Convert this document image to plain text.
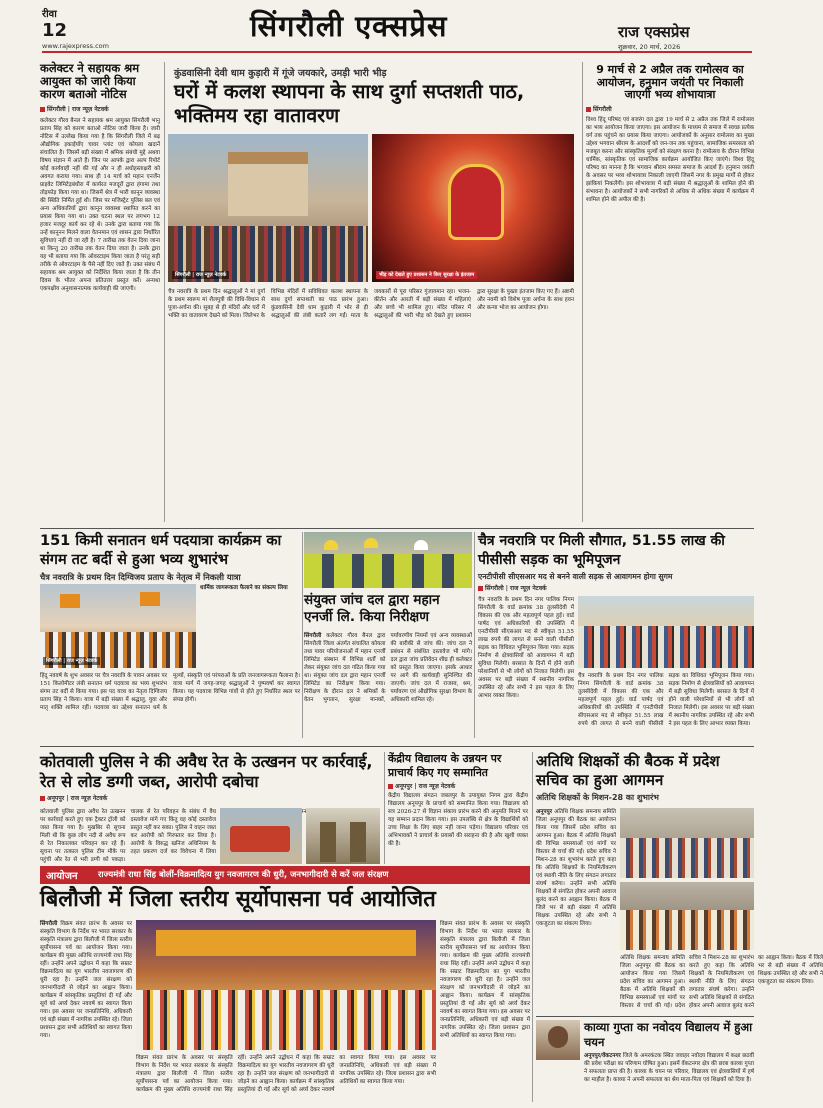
रीवा
12	सिंगरौली एक्सप्रेस	राज एक्सप्रेस
www.rajexpress.com	शुक्रवार, 20 मार्च, 2026
कलेक्टर ने सहायक श्रम आयुक्त को जारी किया कारण बताओ नोटिस
सिंगरौली | राज न्यूज़ नेटवर्क
कलेक्टर गौरव बैनल ने सहायक श्रम आयुक्त सिंगरौली भानु प्रताप सिंह को कारण बताओ नोटिस जारी किया है। जारी नोटिस में उल्लेख किया गया है कि सिंगरौली जिले में बढ़ औद्योगिक इकाईयाँए चावर प्लांट एवं कोयला खदानें संचालित है। जिसमें बड़ी संख्या में श्रमिक संबंधी मुद्दे अथवा विषय संज्ञान में आते हैं। जिन पर आपके द्वारा अल्प रिपोर्ट कोई कार्यवाही नहीं की गई और न ही अधोहस्ताक्षरी को अवगत कराया गया। साथ ही 14 मार्च को महान एनर्जेन प्राइवेट लिमिटेड़बंधौरा में कार्यरत मजदूरों द्वारा हंगामा तथा तोड़फोड़ किया गया था। जिसमें श्रेत्र में भारी कानून व्यवस्था की स्थिति निर्मित हुई थी। जिस पर मजिस्ट्रेट पुलिस बल एवं अन्य अधिकारियों द्वारा कानून व्यवस्था स्थापित करने का प्रयास किया गया था। उक्त घटना स्थल पर लगभग 12 हजार मजदूर कार्य कर रहे थे। उनके द्वारा बताया गया कि उन्हें कानूनन मिलने वाला वेतनमान एवं शासन द्वारा निर्धारित सुविधाएं नहीं दी जा रही है। 7 तारीख तक वेतन दिया जाना था किन्तु 20 तारीख तक वेतन दिया जाता है। उनके द्वारा यह भी बताया गया कि ओवरटाइम किया जाता है परंतु सही तरीके से ओवरटाइम के पैसे नहीं दिए जाते हैं। उक्त संबंध में सहायक श्रम आयुक्त को निर्देशित किया जाता है कि तीन दिवस के भीतर अपना प्रतिउत्तर प्रस्तुत करें। अन्यथा एकपक्षीय अनुशासनात्मक कार्यवाही की जाएगी।
कुंडवासिनी देवी धाम कुड़ारी में गूंजे जयकारे, उमड़ी भारी भीड़
घरों में कलश स्थापना के साथ दुर्गा सप्तशती पाठ, भक्तिमय रहा वातावरण
सिंगरौली | राज न्यूज़ नेटवर्क	भीड़ को देखते हुए प्रशासन ने किए सुरक्षा के इंतजाम
चैत्र नवरात्रि के प्रथम दिन श्रद्धालुओं ने मां दुर्गा के प्रथम स्वरूप मां शैलपुत्री की विधि-विधान से पूजा-अर्चना की। सुबह से ही मंदिरों और घरों में भक्ति का वातावरण देखने को मिला। जिलेभर के विभिन्न मंदिरों में सविधिवत कलश स्थापना के साथ दुर्गा सप्तशती का पाठ प्रारंभ हुआ। कुंडवासिनी देवी धाम कुड़ारी में भोर से ही श्रद्धालुओं की लंबी कतारें लग गईं। माता के जयकारों से पूरा परिसर गुंजायमान रहा। भजन-कीर्तन और आरती में बड़ी संख्या में महिलाएं और बच्चे भी शामिल हुए। मंदिर परिसर में श्रद्धालुओं की भारी भीड़ को देखते हुए प्रशासन द्वारा सुरक्षा के पुख्ता इंतजाम किए गए हैं। अष्टमी और नवमी को विशेष पूजा अर्चना के साथ हवन और कन्या भोज का आयोजन होगा।
9 मार्च से 2 अप्रैल तक रामोत्सव का आयोजन, हनुमान जयंती पर निकाली जाएगी भव्य शोभायात्रा
सिंगरौली
विश्व हिंदू परिषद एवं बजरंग दल द्वारा 19 मार्च से 2 अप्रैल तक जिले में रामोत्सव का भव्य आयोजन किया जाएगा। इस आयोजन के माध्यम से समाज में स्वच्छ प्रत्येक वर्ग तक पहुंचने का प्रयास किया जाएगा। आयोजकों के अनुसार रामोत्सव का मुख्य उद्देश्य भगवान श्रीराम के आदर्शों को जन-जन तक पहुंचाना, सामाजिक समरसता को मजबूत करना और सांस्कृतिक मूल्यों को संरक्षण करना है। रामोत्सव के दौरान विभिन्न धार्मिक, सांस्कृतिक एवं सामाजिक कार्यक्रम आयोजित किए जाएंगे। विश्व हिंदू परिषद का मानना है कि भगवान श्रीराम समस्त समाज के आदर्श हैं। हनुमान जयंती के अवसर पर भव्य शोभायात्रा निकाली जाएगी जिसमें नगर के प्रमुख मार्गों से होकर झांकियां निकलेंगी। इस शोभायात्रा में बड़ी संख्या में श्रद्धालुओं के शामिल होने की संभावना है। आयोजकों ने सभी नागरिकों से अधिक से अधिक संख्या में कार्यक्रम में शामिल होने की अपील की है।
151 किमी सनातन धर्म पदयात्रा कार्यक्रम का संगम तट बर्दी से हुआ भव्य शुभारंभ
चैत्र नवरात्रि के प्रथम दिन दिग्विजय प्रताप के नेतृत्व में निकली यात्रा
सिंगरौली | राज न्यूज़ नेटवर्क
धार्मिक जागरूकता फैलाने का संकल्प लिया
हिंदू नववर्ष के शुभ अवसर पर चैत्र नवरात्रि के पावन अवसर पर 151 किलोमीटर लंबी सनातन धर्म पदयात्रा का भव्य शुभारंभ संगम तट बर्दी से किया गया। इस पद यात्रा का नेतृत्व दिग्विजय प्रताप सिंह ने किया। यात्रा में बड़ी संख्या में श्रद्धालु, युवा और मातृ शक्ति शामिल रहीं। पदयात्रा का उद्देश्य सनातन धर्म के मूल्यों, संस्कृति एवं परंपराओं के प्रति जनजागरूकता फैलाना है। यात्रा मार्ग में जगह-जगह श्रद्धालुओं ने पुष्पवर्षा कर स्वागत किया। यह पदयात्रा विभिन्न गांवों से होते हुए निर्धारित स्थल पर संपन्न होगी।
संयुक्त जांच दल द्वारा महान एनर्जी लि. किया निरीक्षण
सिंगरौली कलेक्टर गौरव बैनल द्वारा सिंगरौली जिला अंतर्गत संचालित कोयला तथा पावर परियोजनाओं में महान एनर्जी लिमिटेड संस्थान में विभिन्न शर्तों को लेकर संयुक्त जांच दल गठित किया गया था। संयुक्त जांच दल द्वारा महान एनर्जी लिमिटेड का निरीक्षण किया गया। निरीक्षण के दौरान दल ने श्रमिकों के वेतन भुगतान, सुरक्षा मानकों, पर्यावरणीय नियमों एवं अन्य व्यवस्थाओं की बारीकी से जांच की। जांच दल ने प्रबंधन से संबंधित दस्तावेज भी मांगे। दल द्वारा जांच प्रतिवेदन शीघ्र ही कलेक्टर को प्रस्तुत किया जाएगा। इसके आधार पर आगे की कार्यवाही सुनिश्चित की जाएगी। जांच दल में राजस्व, श्रम, पर्यावरण एवं औद्योगिक सुरक्षा विभाग के अधिकारी शामिल रहे।
चैत्र नवरात्रि पर मिली सौगात, 51.55 लाख की पीसीसी सड़क का भूमिपूजन
एनटीपीसी सीएसआर मद से बनने वाली सड़क से आवागमन होगा सुगम
सिंगरौली | राज न्यूज़ नेटवर्क
चैत्र नवरात्रि के प्रथम दिन नगर पालिक निगम सिंगरौली के वार्ड क्रमांक 38 तुलसीदेवी में विकास की एक और महत्वपूर्ण पहल हुई। वार्ड पार्षद एवं अधिकारियों की उपस्थिति में एनटीपीसी सीएसआर मद से स्वीकृत 51.55 लाख रुपये की लागत से बनने वाली पीसीसी सड़क का विधिवत भूमिपूजन किया गया। सड़क निर्माण से क्षेत्रवासियों को आवागमन में बड़ी सुविधा मिलेगी। बरसात के दिनों में होने वाली परेशानियों से भी लोगों को निजात मिलेगी। इस अवसर पर बड़ी संख्या में स्थानीय नागरिक उपस्थित रहे और सभी ने इस पहल के लिए आभार व्यक्त किया।
चैत्र नवरात्रि के प्रथम दिन नगर पालिक निगम सिंगरौली के वार्ड क्रमांक 38 तुलसीदेवी में विकास की एक और महत्वपूर्ण पहल हुई। वार्ड पार्षद एवं अधिकारियों की उपस्थिति में एनटीपीसी सीएसआर मद से स्वीकृत 51.55 लाख रुपये की लागत से बनने वाली पीसीसी सड़क का विधिवत भूमिपूजन किया गया। सड़क निर्माण से क्षेत्रवासियों को आवागमन में बड़ी सुविधा मिलेगी। बरसात के दिनों में होने वाली परेशानियों से भी लोगों को निजात मिलेगी। इस अवसर पर बड़ी संख्या में स्थानीय नागरिक उपस्थित रहे और सभी ने इस पहल के लिए आभार व्यक्त किया।
कोतवाली पुलिस ने की अवैध रेत के उत्खनन पर कार्रवाई, रेत से लोड डग्गी जब्त, आरोपी दबोचा
अनूपपुर | राज न्यूज़ नेटवर्क
कोतवाली पुलिस द्वारा अवैध रेत उत्खनन पर कार्रवाई करते हुए एक ट्रैक्टर ट्रॉली को जब्त किया गया है। मुखबिर से सूचना मिली थी कि कुछ लोग नदी से अवैध रूप से रेत निकालकर परिवहन कर रहे हैं। सूचना पर तत्काल पुलिस टीम मौके पर पहुंची और रेत से भरी डग्गी को पकड़ा। चालक से रेत परिवहन के संबंध में वैध दस्तावेज मांगे गए किंतु वह कोई दस्तावेज प्रस्तुत नहीं कर सका। पुलिस ने वाहन जब्त कर आरोपी को गिरफ्तार कर लिया है। आरोपी के विरुद्ध खनिज अधिनियम के तहत प्रकरण दर्ज कर विवेचना में लिया
केंद्रीय विद्यालय के उन्नयन पर प्राचार्य किए गए सम्मानित
अनूपपुर | राज न्यूज़ नेटवर्क
केंद्रीय विद्यालय संगठन जबलपुर के उपायुक्त निगम द्वारा केंद्रीय विद्यालय अनूपपुर के प्राचार्य को सम्मानित किया गया। विद्यालय को सत्र 2026-27 से विज्ञान संकाय प्रारंभ करने की अनुमति मिलने पर यह सम्मान प्रदान किया गया। इस उपलब्धि से क्षेत्र के विद्यार्थियों को उच्च शिक्षा के लिए बाहर नहीं जाना पड़ेगा। विद्यालय परिवार एवं अभिभावकों ने प्राचार्य के प्रयासों की सराहना की है और खुशी व्यक्त की है।
आयोजन राज्यमंत्री राधा सिंह बोलीं-विक्रमादित्य युग नवजागरण की धुरी, जनभागीदारी से करें जल संरक्षण
बिलौजी में जिला स्तरीय सूर्योपासना पर्व आयोजित
सिंगरौली विक्रम संवत प्रारंभ के अवसर पर संस्कृति विभाग के निर्देश पर भारत सरकार के संस्कृति मंत्रालय द्वारा बिलौजी में जिला स्तरीय सूर्योपासना पर्व का आयोजन किया गया। कार्यक्रम की मुख्य अतिथि राज्यमंत्री राधा सिंह रहीं। उन्होंने अपने उद्बोधन में कहा कि सम्राट विक्रमादित्य का युग भारतीय नवजागरण की धुरी रहा है। उन्होंने जल संरक्षण को जनभागीदारी से जोड़ने का आह्वान किया। कार्यक्रम में सांस्कृतिक प्रस्तुतियां दी गईं और सूर्य को अर्घ्य देकर नववर्ष का स्वागत किया गया। इस अवसर पर जनप्रतिनिधि, अधिकारी एवं बड़ी संख्या में नागरिक उपस्थित रहे। जिला प्रशासन द्वारा सभी अतिथियों का स्वागत किया गया।
विक्रम संवत प्रारंभ के अवसर पर संस्कृति विभाग के निर्देश पर भारत सरकार के संस्कृति मंत्रालय द्वारा बिलौजी में जिला स्तरीय सूर्योपासना पर्व का आयोजन किया गया। कार्यक्रम की मुख्य अतिथि राज्यमंत्री राधा सिंह रहीं। उन्होंने अपने उद्बोधन में कहा कि सम्राट विक्रमादित्य का युग भारतीय नवजागरण की धुरी रहा है। उन्होंने जल संरक्षण को जनभागीदारी से जोड़ने का आह्वान किया। कार्यक्रम में सांस्कृतिक प्रस्तुतियां दी गईं और सूर्य को अर्घ्य देकर नववर्ष का स्वागत किया गया। इस अवसर पर जनप्रतिनिधि, अधिकारी एवं बड़ी संख्या में नागरिक उपस्थित रहे। जिला प्रशासन द्वारा सभी अतिथियों का स्वागत किया गया।
विक्रम संवत प्रारंभ के अवसर पर संस्कृति विभाग के निर्देश पर भारत सरकार के संस्कृति मंत्रालय द्वारा बिलौजी में जिला स्तरीय सूर्योपासना पर्व का आयोजन किया गया। कार्यक्रम की मुख्य अतिथि राज्यमंत्री राधा सिंह रहीं। उन्होंने अपने उद्बोधन में कहा कि सम्राट विक्रमादित्य का युग भारतीय नवजागरण की धुरी रहा है। उन्होंने जल संरक्षण को जनभागीदारी से जोड़ने का आह्वान किया। कार्यक्रम में सांस्कृतिक प्रस्तुतियां दी गईं और सूर्य को अर्घ्य देकर नववर्ष का स्वागत किया गया। इस अवसर पर जनप्रतिनिधि, अधिकारी एवं बड़ी संख्या में नागरिक उपस्थित रहे। जिला प्रशासन द्वारा सभी अतिथियों का स्वागत किया गया।
अतिथि शिक्षकों की बैठक में प्रदेश सचिव का हुआ आगमन
अतिथि शिक्षकों के मिशन-28 का शुभारंभ
अनूपपुर अतिथि शिक्षक समन्वय समिति जिला अनूपपुर की बैठक का आयोजन किया गया जिसमें प्रदेश सचिव का आगमन हुआ। बैठक में अतिथि शिक्षकों की विभिन्न समस्याओं एवं मांगों पर विस्तार से चर्चा की गई। प्रदेश सचिव ने मिशन-28 का शुभारंभ करते हुए कहा कि अतिथि शिक्षकों के नियमितीकरण एवं स्थायी नीति के लिए संगठन लगातार संघर्ष करेगा। उन्होंने सभी अतिथि शिक्षकों से संगठित होकर अपनी आवाज बुलंद करने का आह्वान किया। बैठक में जिले भर से बड़ी संख्या में अतिथि शिक्षक उपस्थित रहे और सभी ने एकजुटता का संकल्प लिया।
अतिथि शिक्षक समन्वय समिति जिला अनूपपुर की बैठक का आयोजन किया गया जिसमें प्रदेश सचिव का आगमन हुआ। बैठक में अतिथि शिक्षकों की विभिन्न समस्याओं एवं मांगों पर विस्तार से चर्चा की गई। प्रदेश सचिव ने मिशन-28 का शुभारंभ करते हुए कहा कि अतिथि शिक्षकों के नियमितीकरण एवं स्थायी नीति के लिए संगठन लगातार संघर्ष करेगा। उन्होंने सभी अतिथि शिक्षकों से संगठित होकर अपनी आवाज बुलंद करने का आह्वान किया। बैठक में जिले भर से बड़ी संख्या में अतिथि शिक्षक उपस्थित रहे और सभी ने एकजुटता का संकल्प लिया।
काव्या गुप्ता का नवोदय विद्यालय में हुआ चयन
अनूपपुर/वेंकटनगर जिले के अमरकंटक स्थित जवाहर नवोदय विद्यालय में कक्षा छठवीं की प्रवेश परीक्षा का परिणाम घोषित हुआ। इसमें वेंकटनगर क्षेत्र की छात्रा काव्या गुप्ता ने सफलता प्राप्त की है। काव्या के चयन पर परिवार, विद्यालय एवं क्षेत्रवासियों में हर्ष का माहौल है। काव्या ने अपनी सफलता का श्रेय माता-पिता एवं शिक्षकों को दिया है।
